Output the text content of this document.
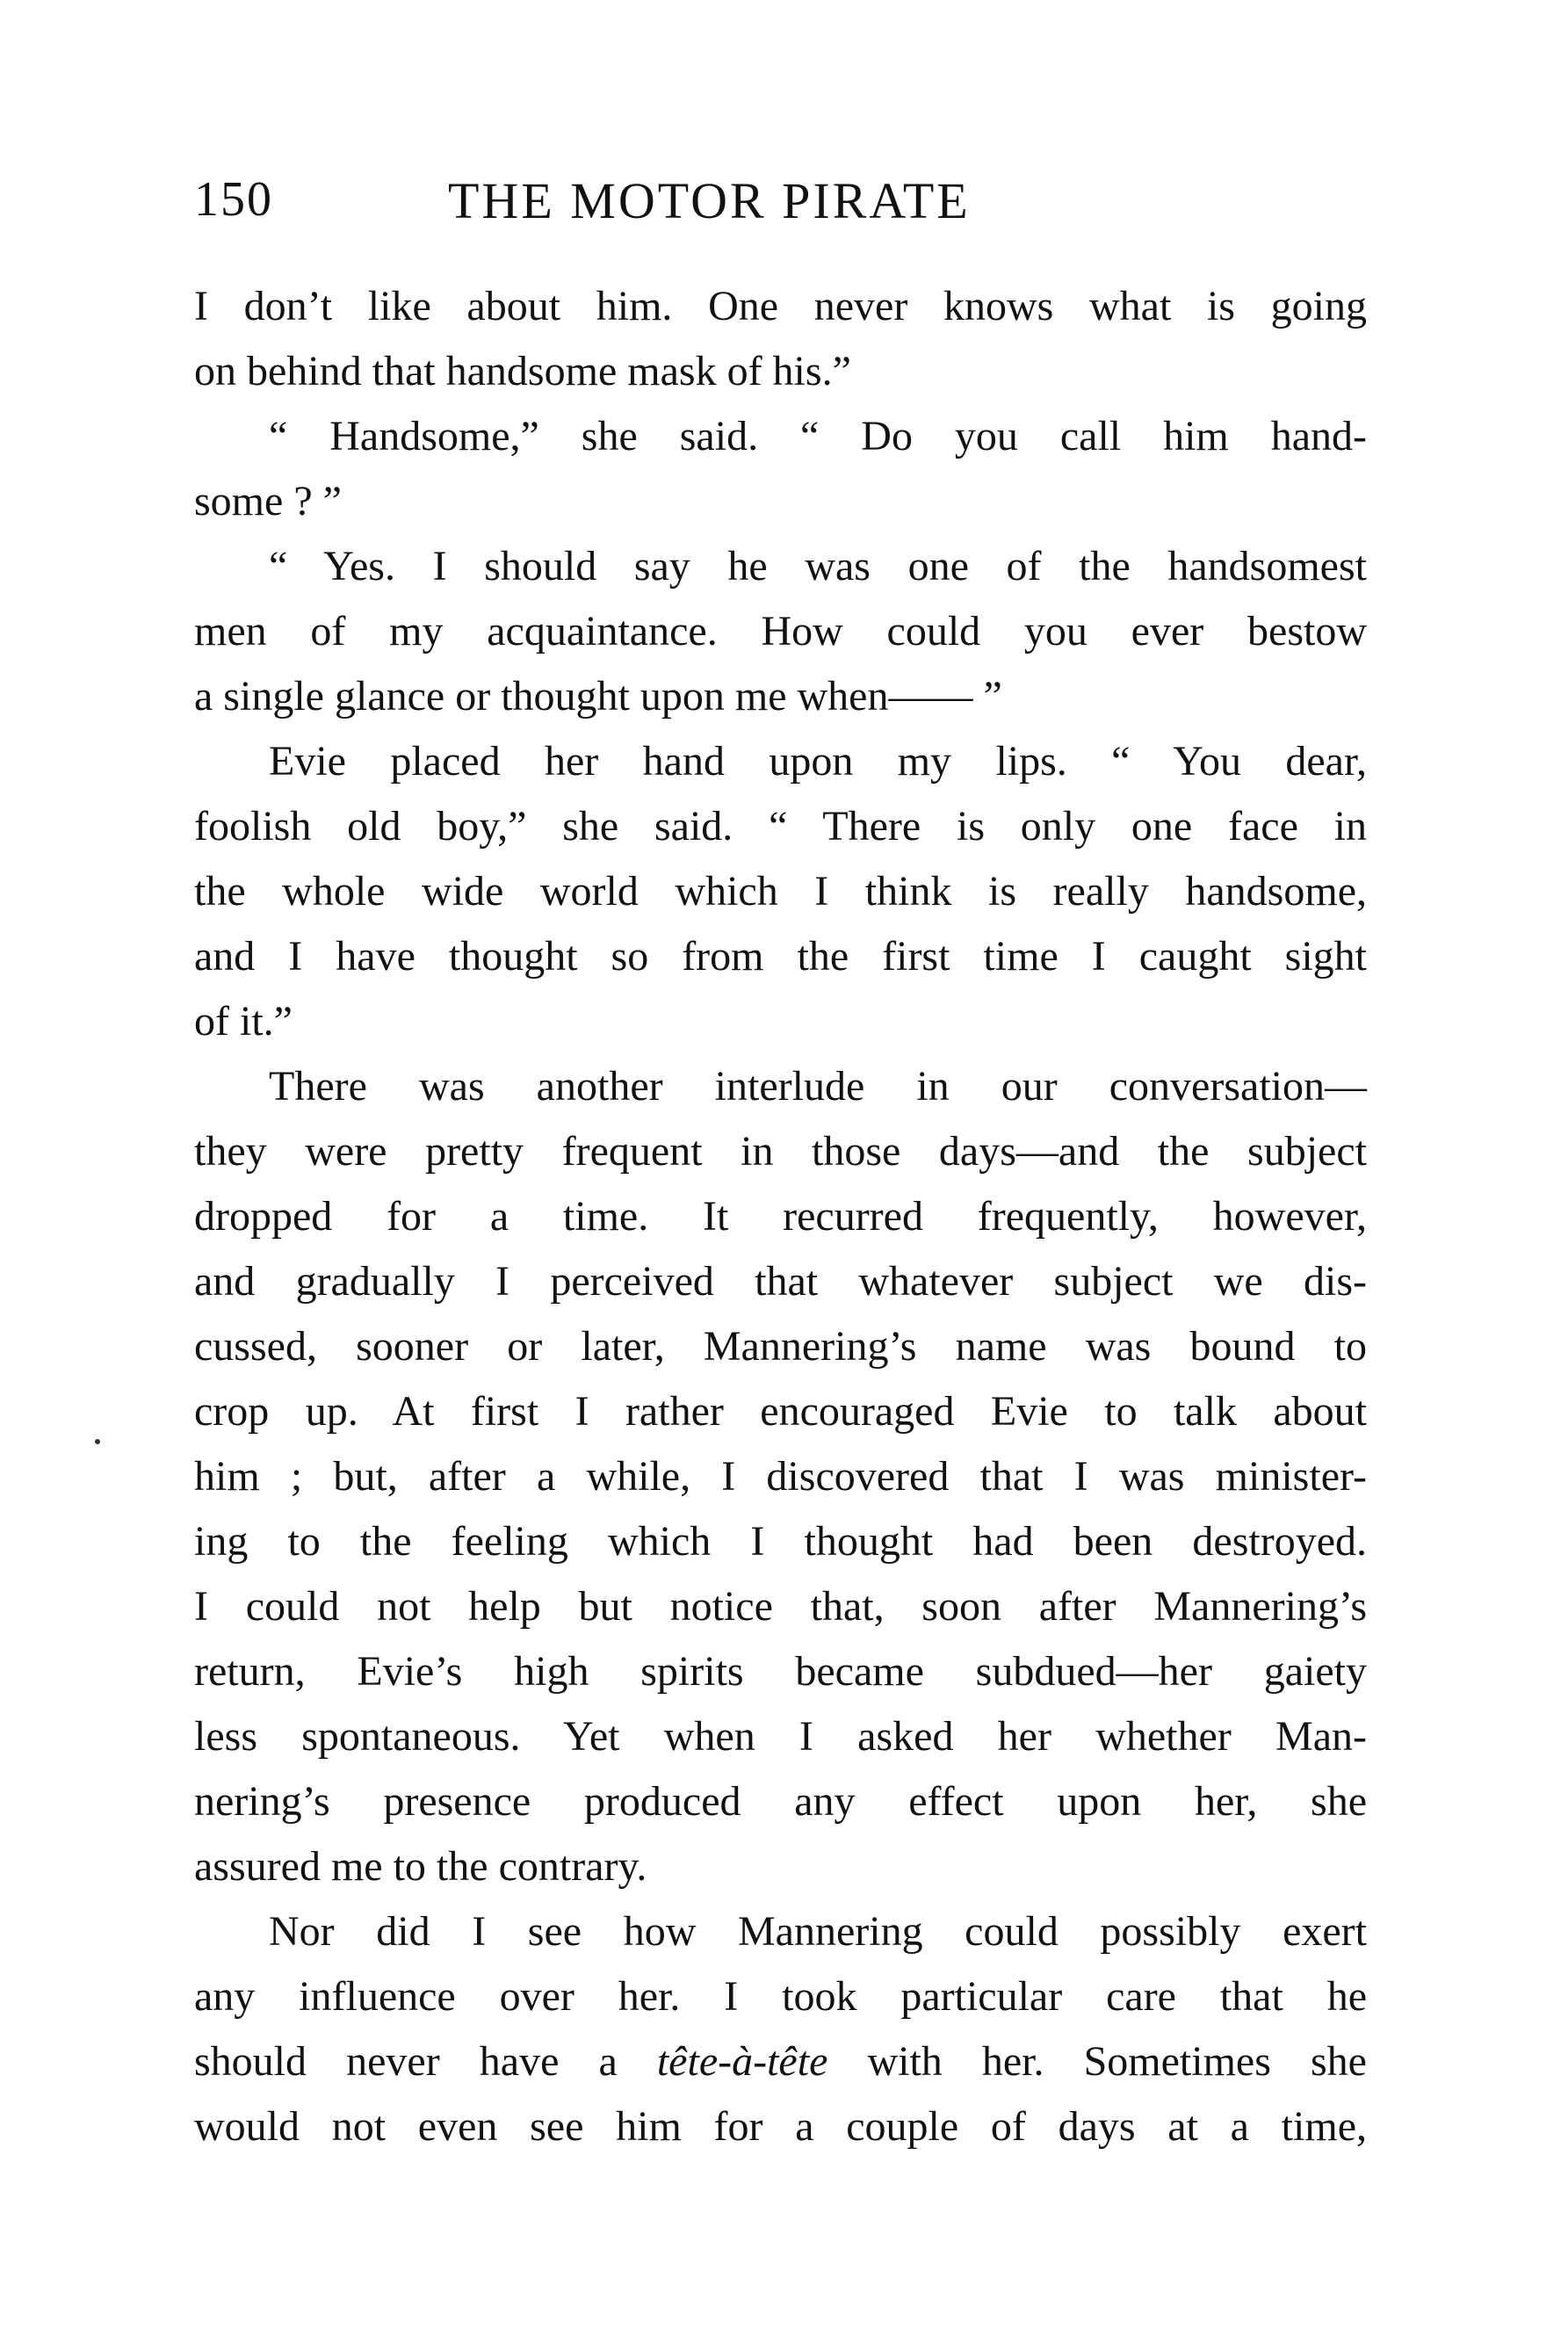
150	THE MOTOR PIRATE
I don’t like about him. One never knows what is going
on behind that handsome mask of his.”
“ Handsome,” she said. “ Do you call him hand-
some ? ”
“ Yes. I should say he was one of the handsomest
men of my acquaintance. How could you ever bestow
a single glance or thought upon me when—— ”
Evie placed her hand upon my lips. “ You dear,
foolish old boy,” she said. “ There is only one face in
the whole wide world which I think is really handsome,
and I have thought so from the first time I caught sight
of it.”
There was another interlude in our conversation—
they were pretty frequent in those days—and the subject
dropped for a time. It recurred frequently, however,
and gradually I perceived that whatever subject we dis-
cussed, sooner or later, Mannering’s name was bound to
crop up. At first I rather encouraged Evie to talk about
him ; but, after a while, I discovered that I was minister-
ing to the feeling which I thought had been destroyed.
I could not help but notice that, soon after Mannering’s
return, Evie’s high spirits became subdued—her gaiety
less spontaneous. Yet when I asked her whether Man-
nering’s presence produced any effect upon her, she
assured me to the contrary.
Nor did I see how Mannering could possibly exert
any influence over her. I took particular care that he
should never have a tête-à-tête with her. Sometimes she
would not even see him for a couple of days at a time,
